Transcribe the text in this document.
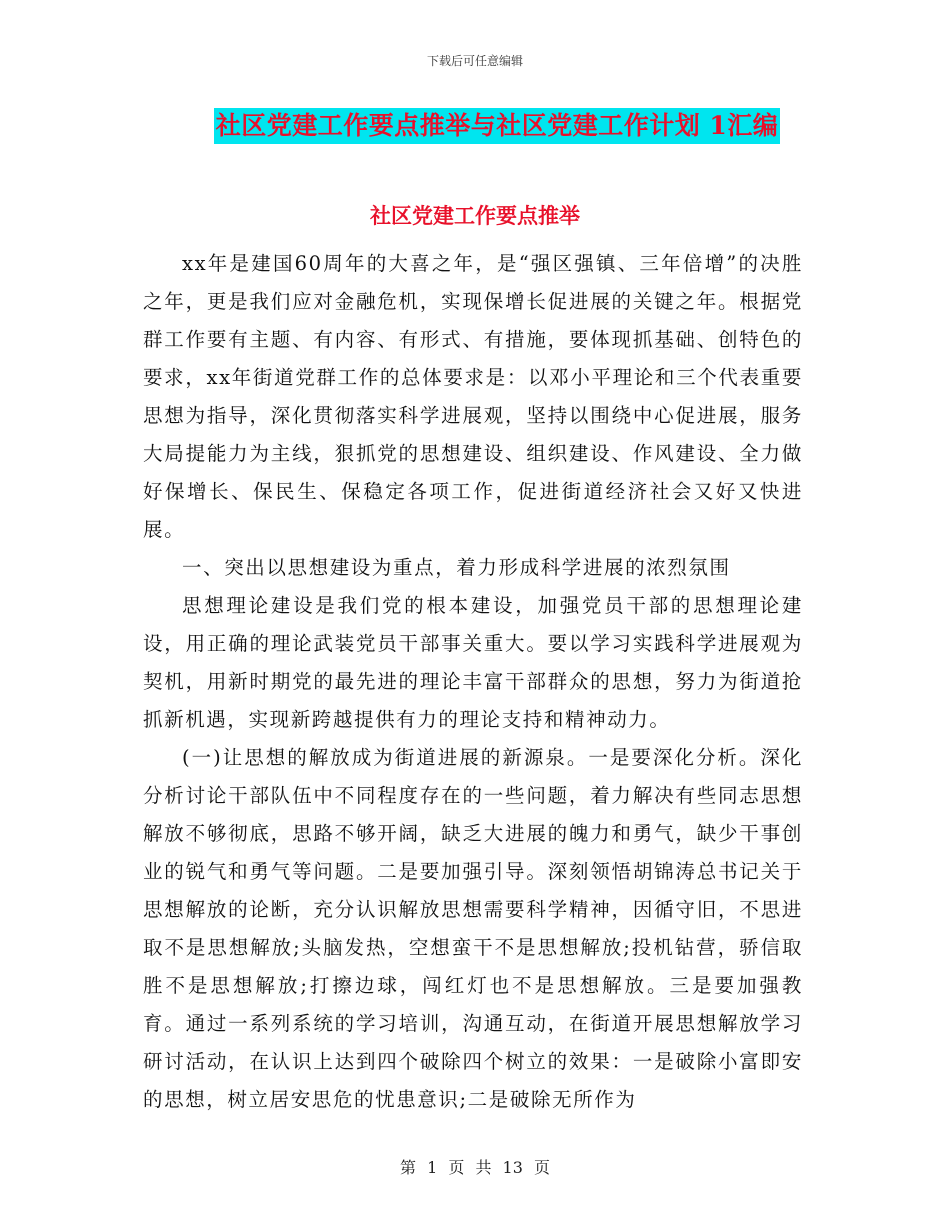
下载后可任意编辑
社区党建工作要点推举与社区党建工作计划 1汇编
社区党建工作要点推举

xx年是建国60周年的大喜之年，是“强区强镇、三年倍增”的决胜之年，更是我们应对金融危机，实现保增长促进展的关键之年。根据党群工作要有主题、有内容、有形式、有措施，要体现抓基础、创特色的要求，xx年街道党群工作的总体要求是：以邓小平理论和三个代表重要思想为指导，深化贯彻落实科学进展观，坚持以围绕中心促进展，服务大局提能力为主线，狠抓党的思想建设、组织建设、作风建设、全力做好保增长、保民生、保稳定各项工作，促进街道经济社会又好又快进展。

一、突出以思想建设为重点，着力形成科学进展的浓烈氛围

思想理论建设是我们党的根本建设，加强党员干部的思想理论建设，用正确的理论武装党员干部事关重大。要以学习实践科学进展观为契机，用新时期党的最先进的理论丰富干部群众的思想，努力为街道抢抓新机遇，实现新跨越提供有力的理论支持和精神动力。

(一)让思想的解放成为街道进展的新源泉。一是要深化分析。深化分析讨论干部队伍中不同程度存在的一些问题，着力解决有些同志思想解放不够彻底，思路不够开阔，缺乏大进展的魄力和勇气，缺少干事创业的锐气和勇气等问题。二是要加强引导。深刻领悟胡锦涛总书记关于思想解放的论断，充分认识解放思想需要科学精神，因循守旧，不思进取不是思想解放;头脑发热，空想蛮干不是思想解放;投机钻营，骄信取胜不是思想解放;打擦边球，闯红灯也不是思想解放。三是要加强教育。通过一系列系统的学习培训，沟通互动，在街道开展思想解放学习研讨活动，在认识上达到四个破除四个树立的效果：一是破除小富即安的思想，树立居安思危的忧患意识;二是破除无所作为

第 1 页 共 13 页
